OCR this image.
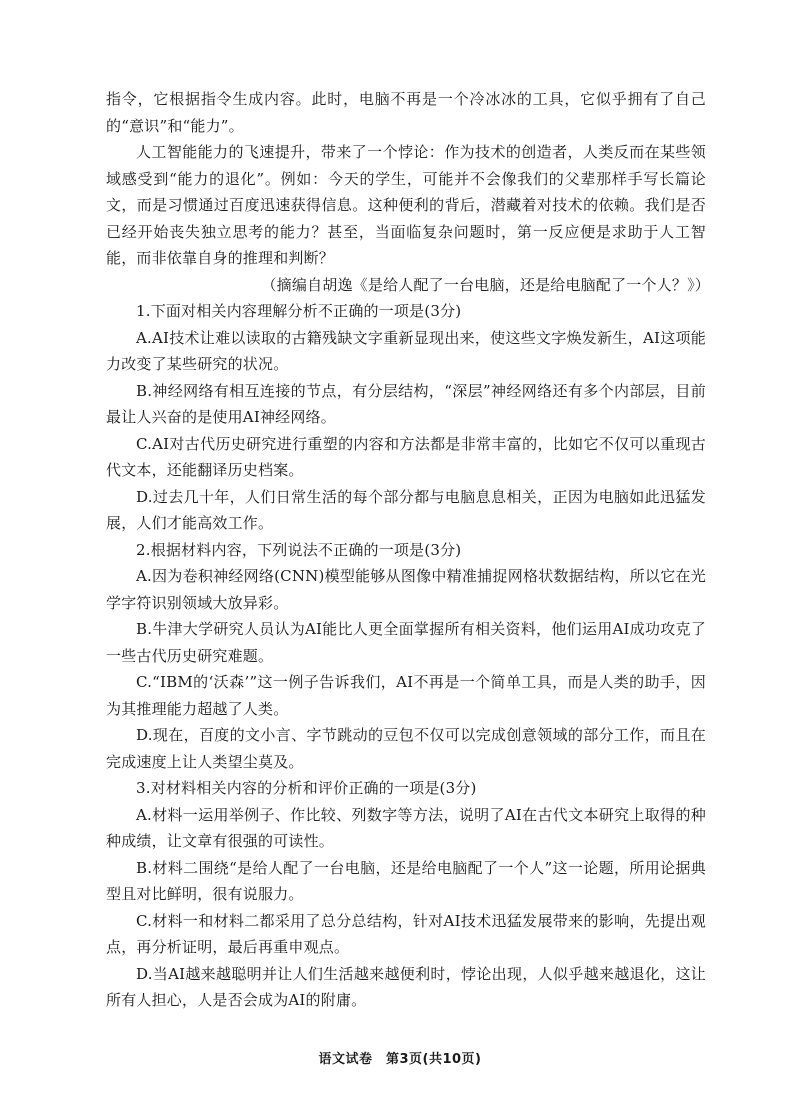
指令，它根据指令生成内容。此时，电脑不再是一个冷冰冰的工具，它似乎拥有了自己的“意识”和“能力”。

人工智能能力的飞速提升，带来了一个悖论：作为技术的创造者，人类反而在某些领域感受到“能力的退化”。例如：今天的学生，可能并不会像我们的父辈那样手写长篇论文，而是习惯通过百度迅速获得信息。这种便利的背后，潜藏着对技术的依赖。我们是否已经开始丧失独立思考的能力？甚至，当面临复杂问题时，第一反应便是求助于人工智能，而非依靠自身的推理和判断？

（摘编自胡逸《是给人配了一台电脑，还是给电脑配了一个人？》）

1.下面对相关内容理解分析不正确的一项是(3分)

A.AI技术让难以读取的古籍残缺文字重新显现出来，使这些文字焕发新生，AI这项能力改变了某些研究的状况。

B.神经网络有相互连接的节点，有分层结构，“深层”神经网络还有多个内部层，目前最让人兴奋的是使用AI神经网络。

C.AI对古代历史研究进行重塑的内容和方法都是非常丰富的，比如它不仅可以重现古代文本，还能翻译历史档案。

D.过去几十年，人们日常生活的每个部分都与电脑息息相关，正因为电脑如此迅猛发展，人们才能高效工作。

2.根据材料内容，下列说法不正确的一项是(3分)

A.因为卷积神经网络(CNN)模型能够从图像中精准捕捉网格状数据结构，所以它在光学字符识别领域大放异彩。

B.牛津大学研究人员认为AI能比人更全面掌握所有相关资料，他们运用AI成功攻克了一些古代历史研究难题。

C.“IBM的‘沃森’”这一例子告诉我们，AI不再是一个简单工具，而是人类的助手，因为其推理能力超越了人类。

D.现在，百度的文小言、字节跳动的豆包不仅可以完成创意领域的部分工作，而且在完成速度上让人类望尘莫及。

3.对材料相关内容的分析和评价正确的一项是(3分)

A.材料一运用举例子、作比较、列数字等方法，说明了AI在古代文本研究上取得的种种成绩，让文章有很强的可读性。

B.材料二围绕“是给人配了一台电脑，还是给电脑配了一个人”这一论题，所用论据典型且对比鲜明，很有说服力。

C.材料一和材料二都采用了总分总结构，针对AI技术迅猛发展带来的影响，先提出观点，再分析证明，最后再重申观点。

D.当AI越来越聪明并让人们生活越来越便利时，悖论出现，人似乎越来越退化，这让所有人担心，人是否会成为AI的附庸。

语文试卷　第3页(共10页)
